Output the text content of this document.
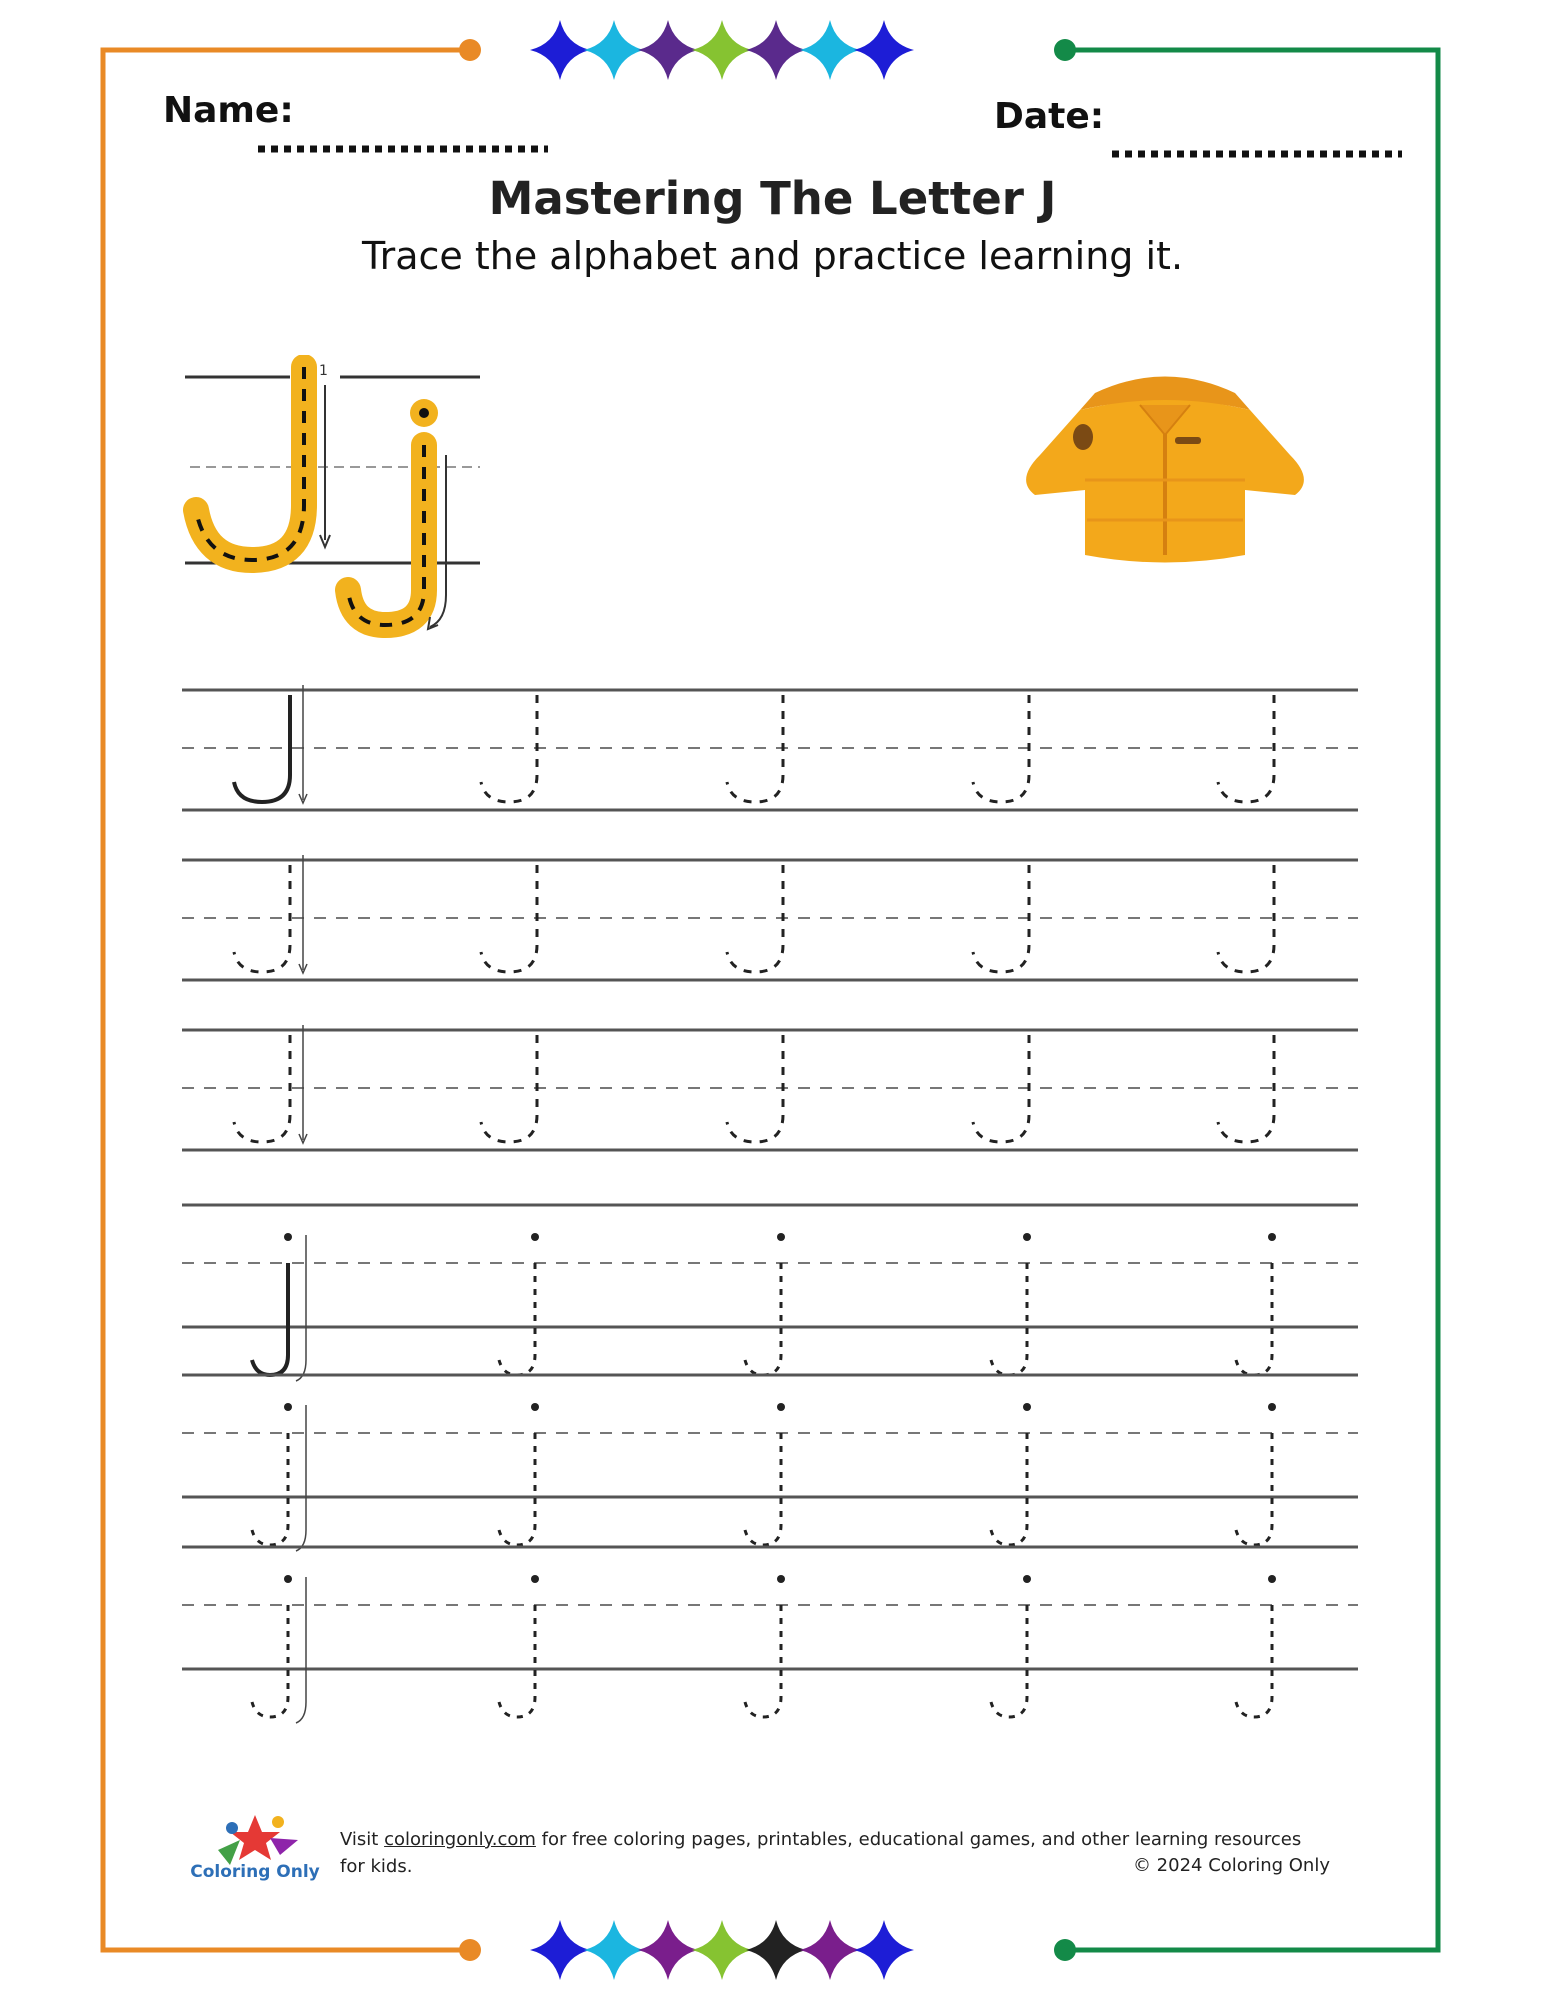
Name:	Date:
Mastering The Letter J
Trace the alphabet and practice learning it.
1
Coloring Only
Visit coloringonly.com for free coloring pages, printables, educational games, and other learning resources for kids.	© 2024 Coloring Only
